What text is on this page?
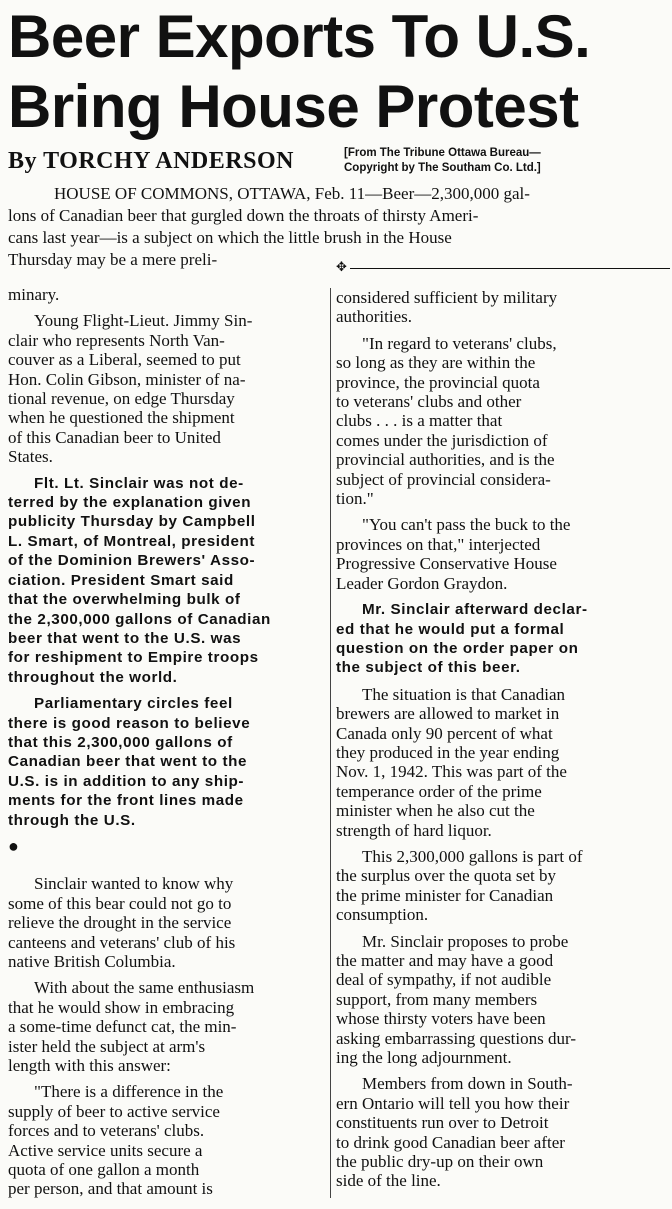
Beer Exports To U.S.
Bring House Protest
By TORCHY ANDERSON	[From The Tribune Ottawa Bureau—
Copyright by The Southam Co. Ltd.]

HOUSE OF COMMONS, OTTAWA, Feb. 11—Beer—2,300,000 gal-

lons of Canadian beer that gurgled down the throats of thirsty Ameri-

cans last year—is a subject on which the little brush in the House

Thursday may be a mere preli-	✥

minary.

Young Flight-Lieut. Jimmy Sin-
clair who represents North Van-
couver as a Liberal, seemed to put
Hon. Colin Gibson, minister of na-
tional revenue, on edge Thursday
when he questioned the shipment
of this Canadian beer to United
States.

Flt. Lt. Sinclair was not de-
terred by the explanation given
publicity Thursday by Campbell
L. Smart, of Montreal, president
of the Dominion Brewers' Asso-
ciation. President Smart said
that the overwhelming bulk of
the 2,300,000 gallons of Canadian
beer that went to the U.S. was
for reshipment to Empire troops
throughout the world.

Parliamentary circles feel
there is good reason to believe
that this 2,300,000 gallons of
Canadian beer that went to the
U.S. is in addition to any ship-
ments for the front lines made
through the U.S.

●

Sinclair wanted to know why
some of this bear could not go to
relieve the drought in the service
canteens and veterans' club of his
native British Columbia.

With about the same enthusiasm
that he would show in embracing
a some-time defunct cat, the min-
ister held the subject at arm's
length with this answer:

"There is a difference in the
supply of beer to active service
forces and to veterans' clubs.
Active service units secure a
quota of one gallon a month
per person, and that amount is

considered sufficient by military
authorities.

"In regard to veterans' clubs,
so long as they are within the
province, the provincial quota
to veterans' clubs and other
clubs . . . is a matter that
comes under the jurisdiction of
provincial authorities, and is the
subject of provincial considera-
tion."

"You can't pass the buck to the
provinces on that," interjected
Progressive Conservative House
Leader Gordon Graydon.

Mr. Sinclair afterward declar-
ed that he would put a formal
question on the order paper on
the subject of this beer.

The situation is that Canadian
brewers are allowed to market in
Canada only 90 percent of what
they produced in the year ending
Nov. 1, 1942. This was part of the
temperance order of the prime
minister when he also cut the
strength of hard liquor.

This 2,300,000 gallons is part of
the surplus over the quota set by
the prime minister for Canadian
consumption.

Mr. Sinclair proposes to probe
the matter and may have a good
deal of sympathy, if not audible
support, from many members
whose thirsty voters have been
asking embarrassing questions dur-
ing the long adjournment.

Members from down in South-
ern Ontario will tell you how their
constituents run over to Detroit
to drink good Canadian beer after
the public dry-up on their own
side of the line.
